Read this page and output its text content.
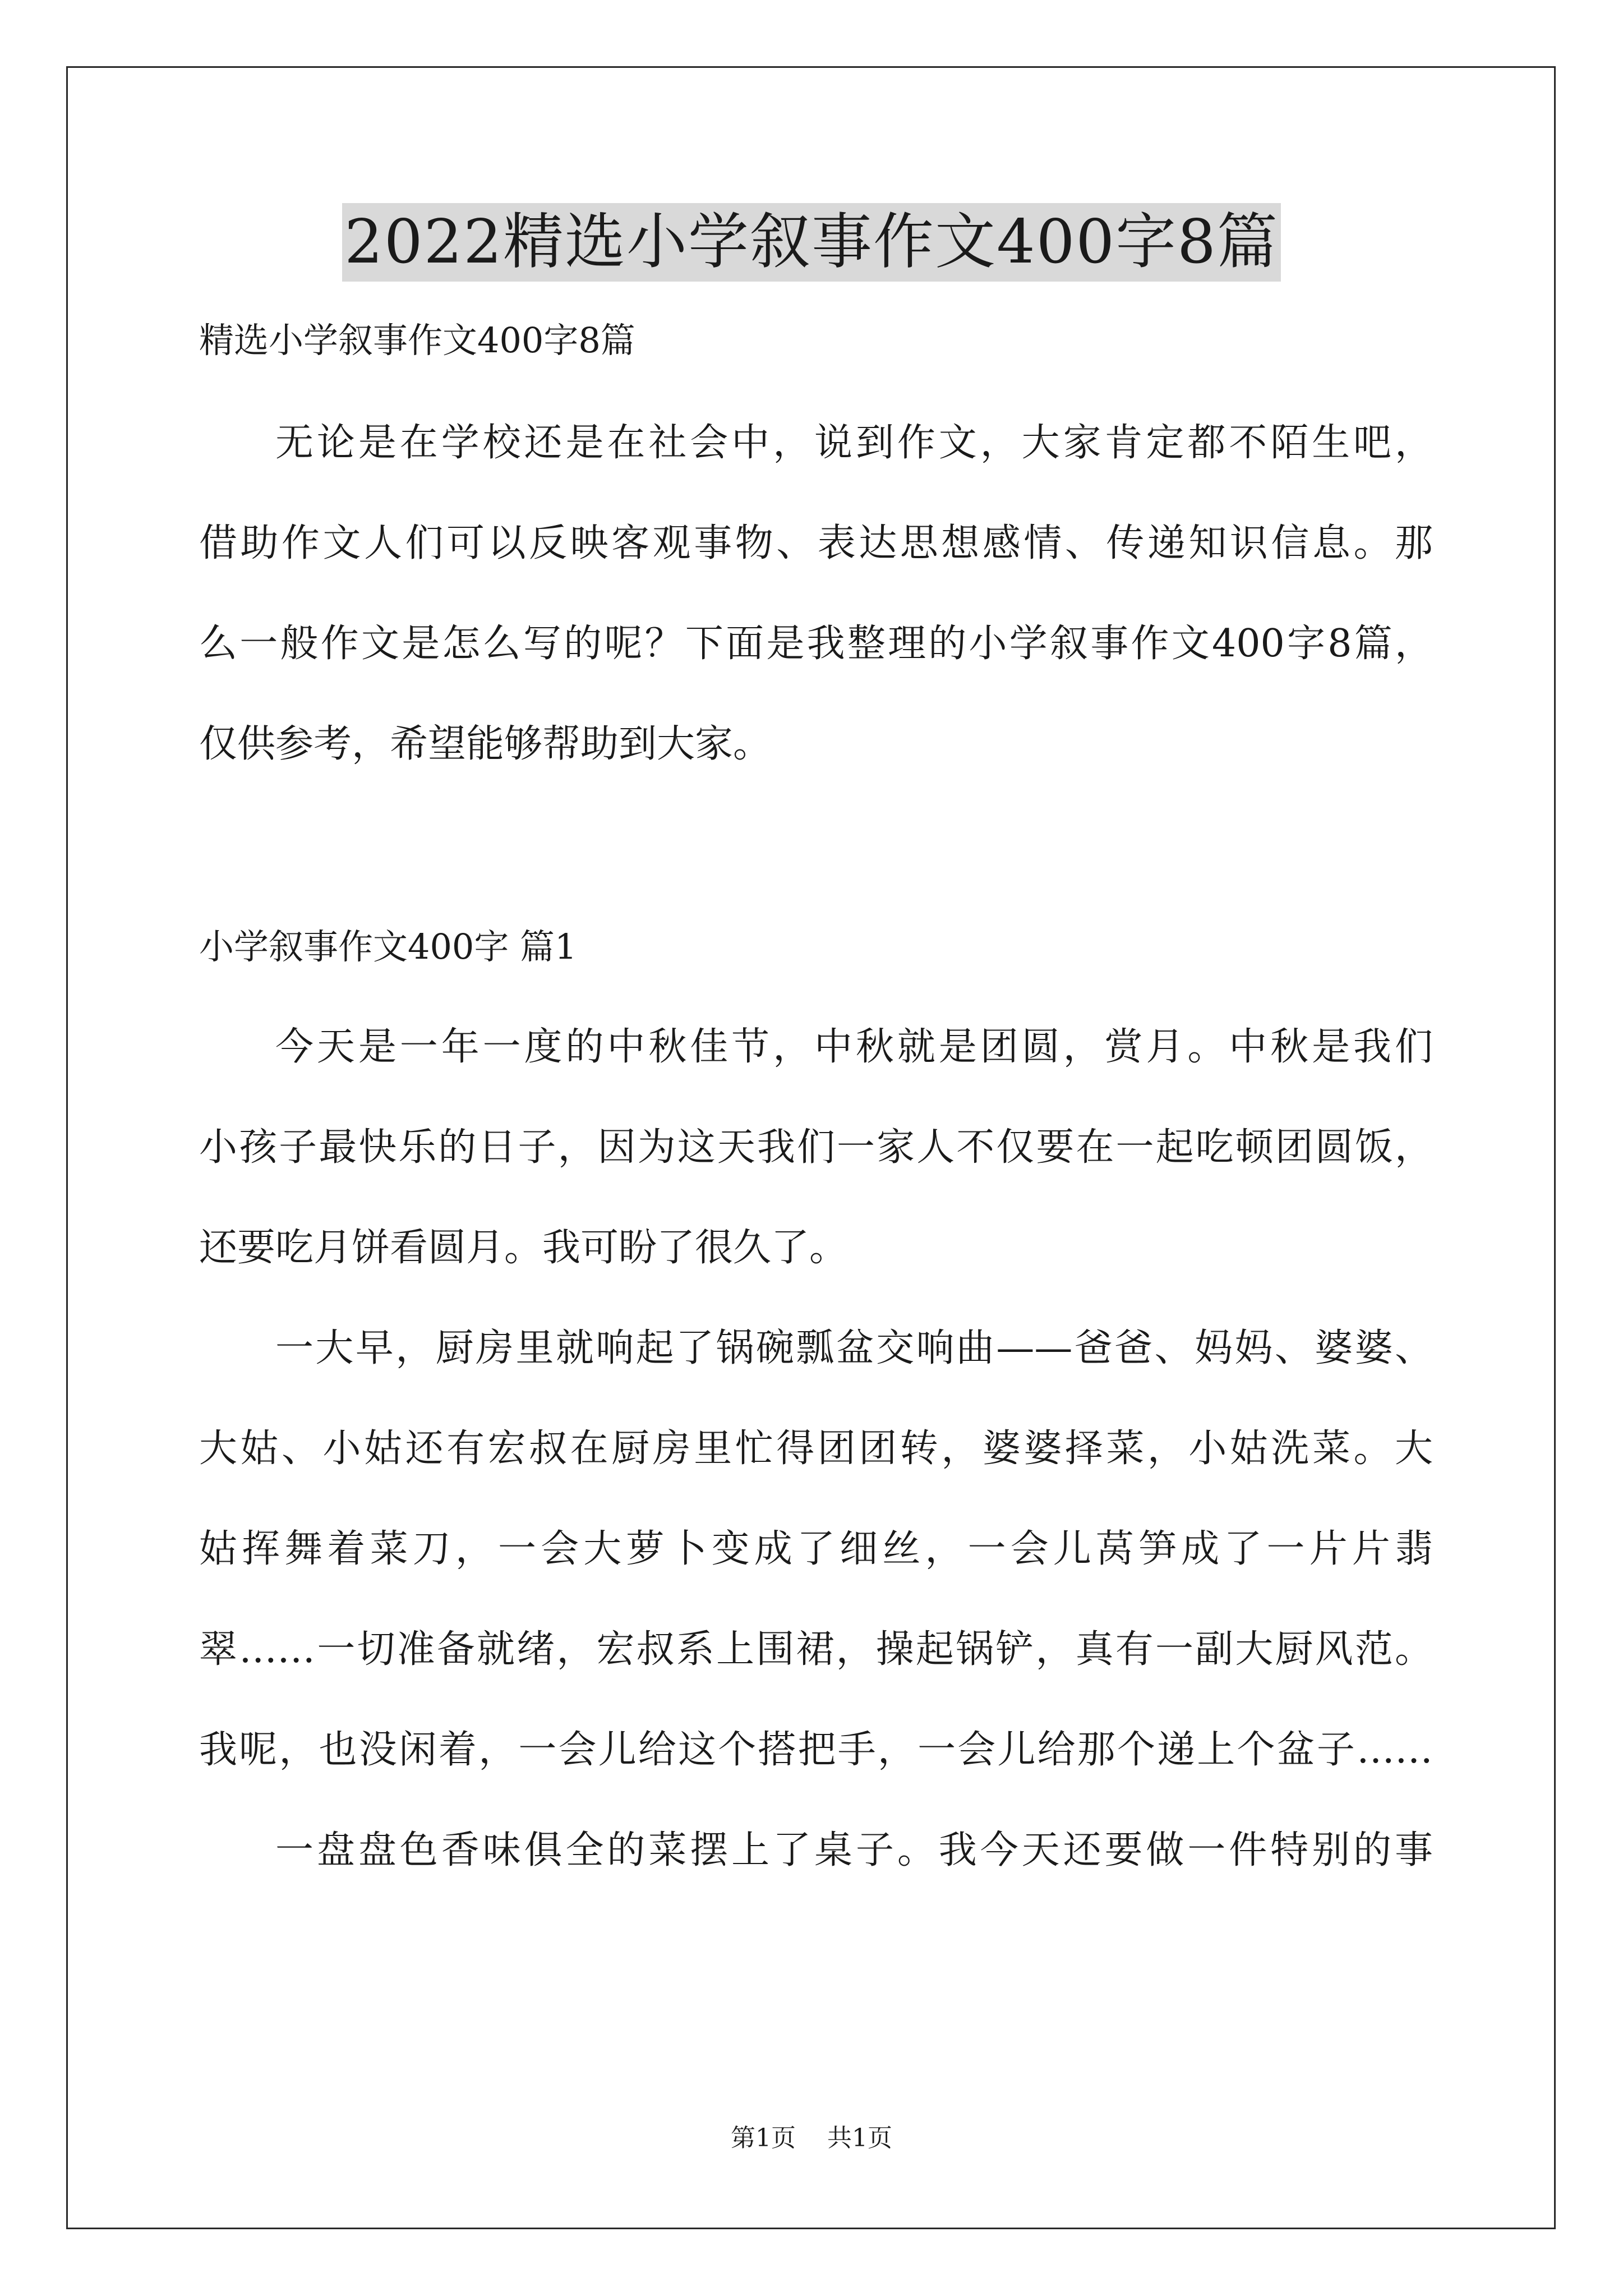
2022精选小学叙事作文400字8篇
精选小学叙事作文400字8篇
无论是在学校还是在社会中，说到作文，大家肯定都不陌生吧，
借助作文人们可以反映客观事物、表达思想感情、传递知识信息。那
么一般作文是怎么写的呢？下面是我整理的小学叙事作文400字8篇，
仅供参考，希望能够帮助到大家。
小学叙事作文400字 篇1
今天是一年一度的中秋佳节，中秋就是团圆，赏月。中秋是我们
小孩子最快乐的日子，因为这天我们一家人不仅要在一起吃顿团圆饭，
还要吃月饼看圆月。我可盼了很久了。
一大早，厨房里就响起了锅碗瓢盆交响曲——爸爸、妈妈、婆婆、
大姑、小姑还有宏叔在厨房里忙得团团转，婆婆择菜，小姑洗菜。大
姑挥舞着菜刀，一会大萝卜变成了细丝，一会儿莴笋成了一片片翡
翠……一切准备就绪，宏叔系上围裙，操起锅铲，真有一副大厨风范。
我呢，也没闲着，一会儿给这个搭把手，一会儿给那个递上个盆子……
一盘盘色香味俱全的菜摆上了桌子。我今天还要做一件特别的事
第1页    共1页
